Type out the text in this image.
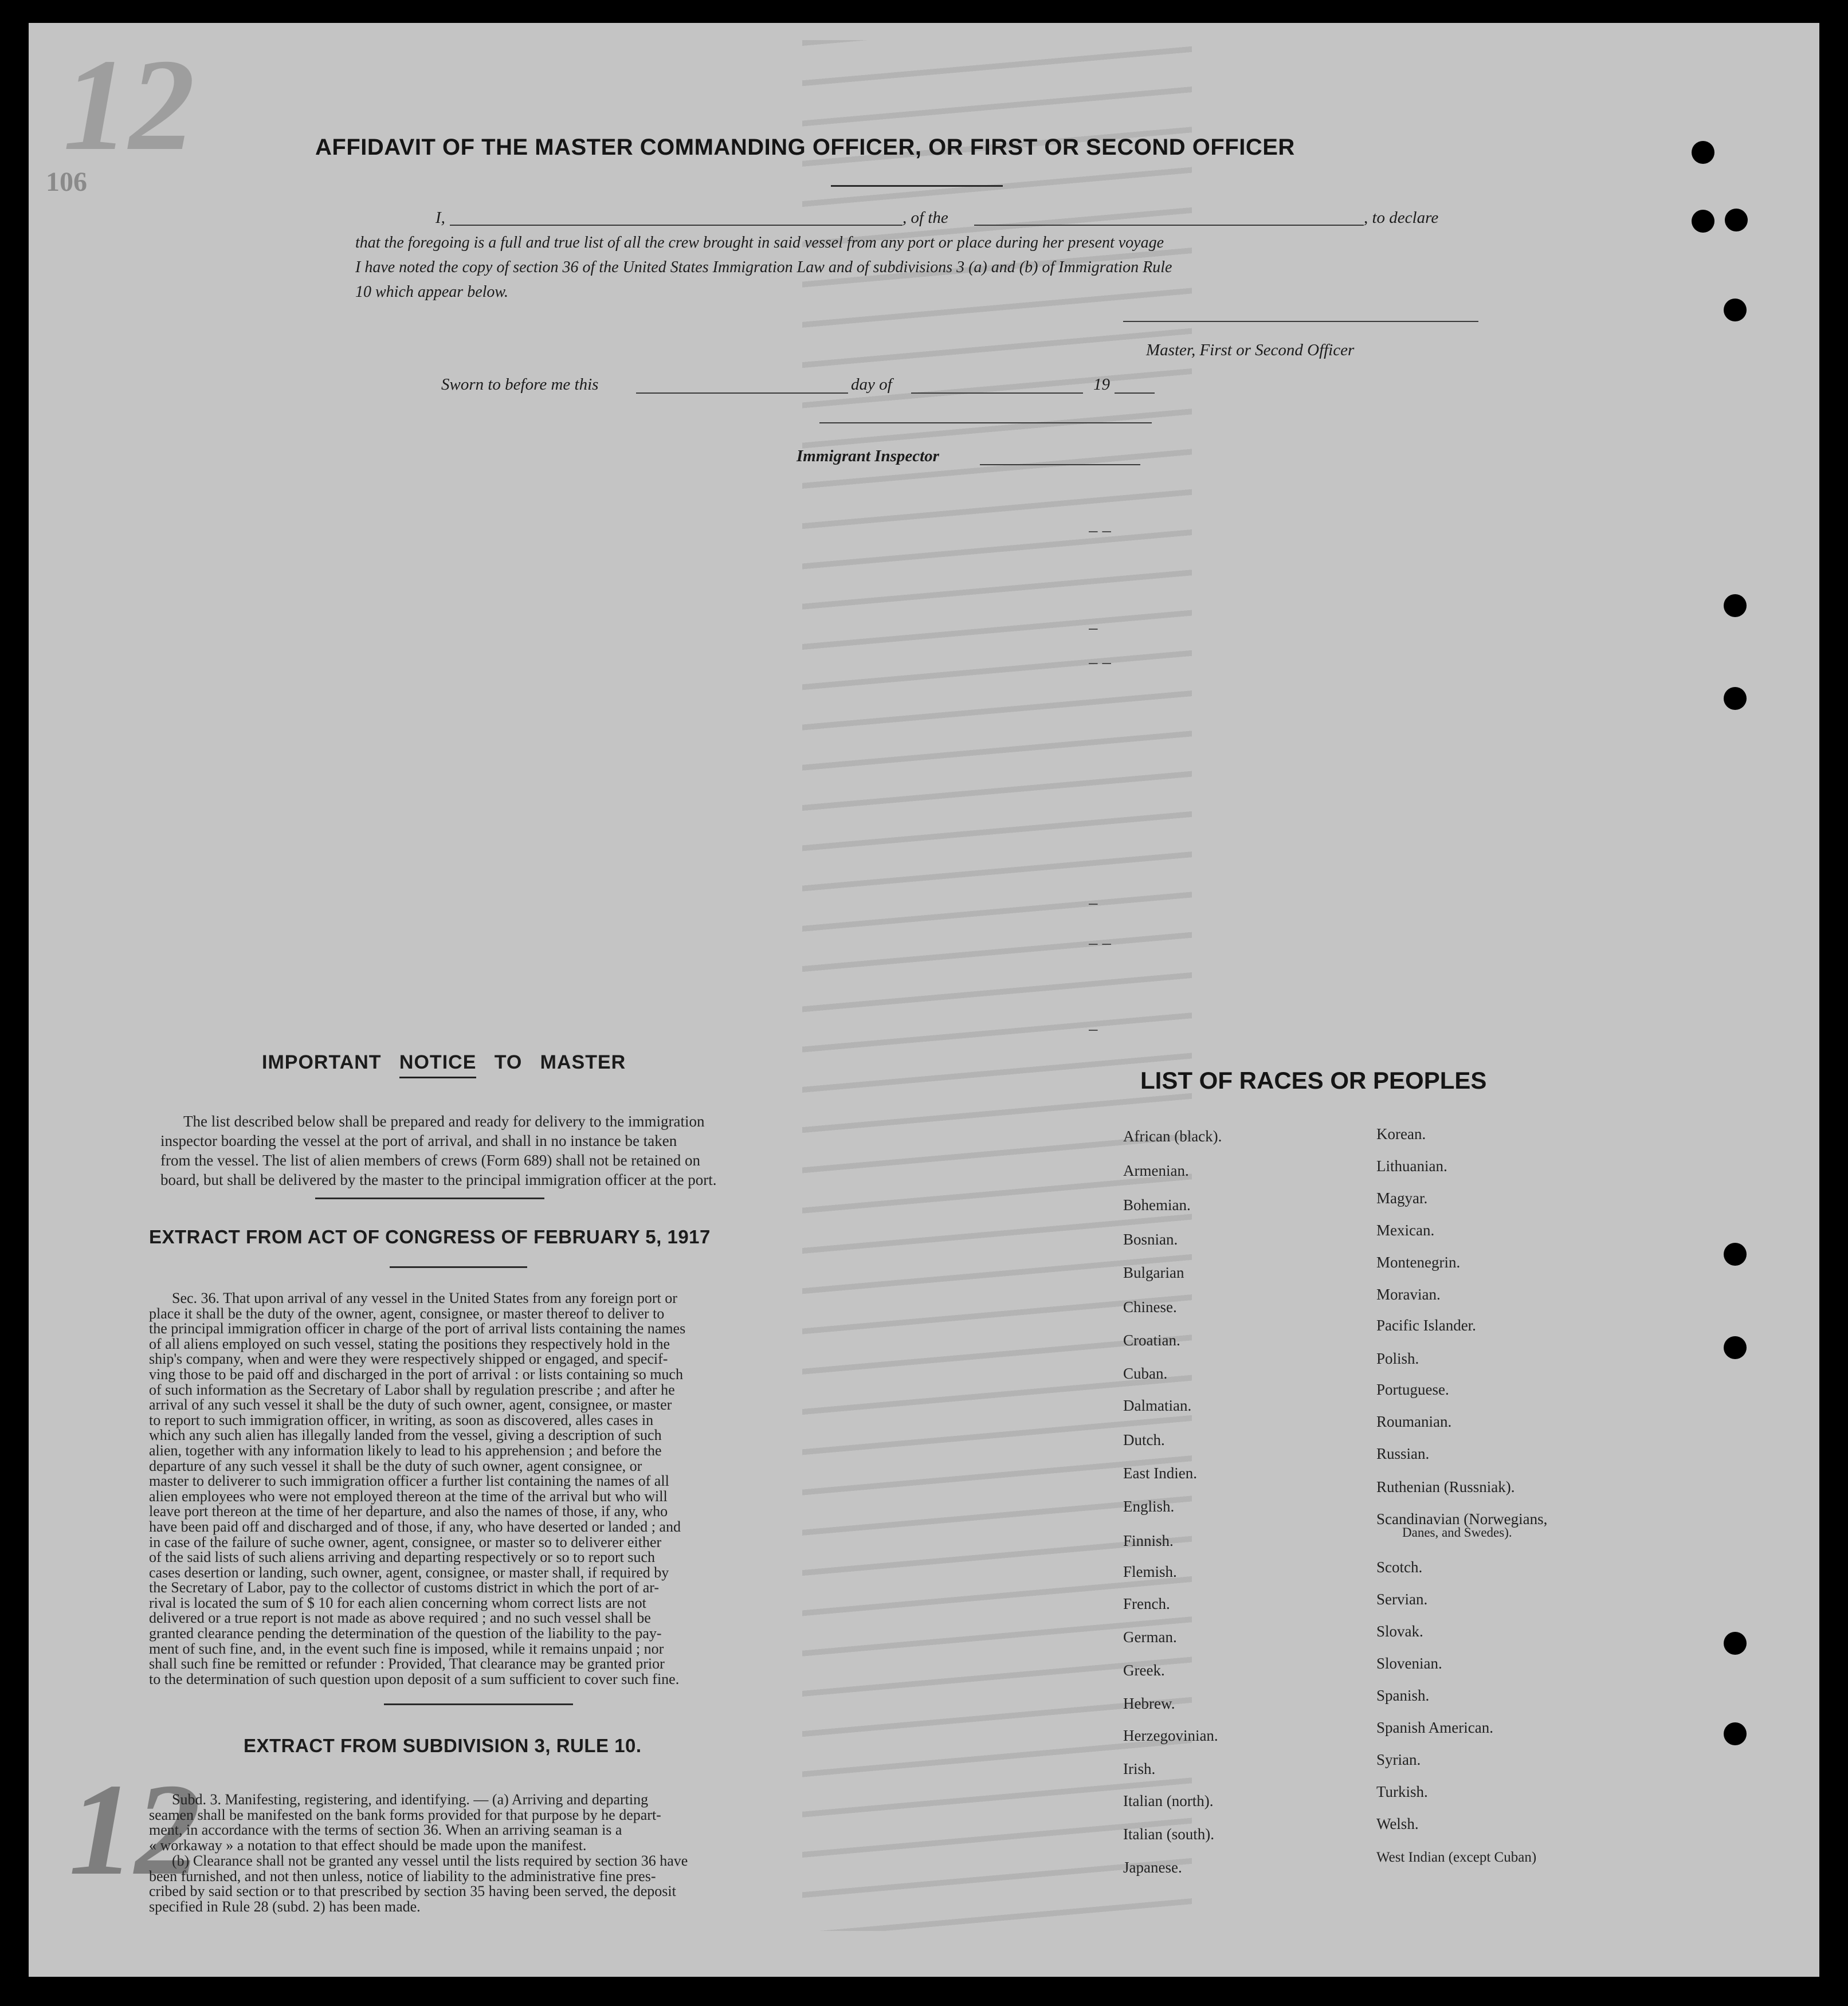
12
106
12
AFFIDAVIT OF THE MASTER COMMANDING OFFICER, OR FIRST OR SECOND OFFICER
I,	, of the	, to declare
that the foregoing is a full and true list of all the crew brought in said vessel from any port or place during her present voyage
I have noted the copy of section 36 of the United States Immigration Law and of subdivisions 3 (a) and (b) of Immigration Rule
10 which appear below.
Master, First or Second Officer
Sworn to before me this	day of	19
Immigrant Inspector
– –
–
– –
–
– –
–
IMPORTANT NOTICE TO MASTER
The list described below shall be prepared and ready for delivery to the immigration
inspector boarding the vessel at the port of arrival, and shall in no instance be taken
from the vessel. The list of alien members of crews (Form 689) shall not be retained on
board, but shall be delivered by the master to the principal immigration officer at the port.
EXTRACT FROM ACT OF CONGRESS OF FEBRUARY 5, 1917
Sec. 36. That upon arrival of any vessel in the United States from any foreign port or
place it shall be the duty of the owner, agent, consignee, or master thereof to deliver to
the principal immigration officer in charge of the port of arrival lists containing the names
of all aliens employed on such vessel, stating the positions they respectively hold in the
ship's company, when and were they were respectively shipped or engaged, and specif-
ving those to be paid off and discharged in the port of arrival : or lists containing so much
of such information as the Secretary of Labor shall by regulation prescribe ; and after he
arrival of any such vessel it shall be the duty of such owner, agent, consignee, or master
to report to such immigration officer, in writing, as soon as discovered, alles cases in
which any such alien has illegally landed from the vessel, giving a description of such
alien, together with any information likely to lead to his apprehension ; and before the
departure of any such vessel it shall be the duty of such owner, agent consignee, or
master to deliverer to such immigration officer a further list containing the names of all
alien employees who were not employed thereon at the time of the arrival but who will
leave port thereon at the time of her departure, and also the names of those, if any, who
have been paid off and discharged and of those, if any, who have deserted or landed ; and
in case of the failure of suche owner, agent, consignee, or master so to deliverer either
of the said lists of such aliens arriving and departing respectively or so to report such
cases desertion or landing, such owner, agent, consignee, or master shall, if required by
the Secretary of Labor, pay to the collector of customs district in which the port of ar-
rival is located the sum of $ 10 for each alien concerning whom correct lists are not
delivered or a true report is not made as above required ; and no such vessel shall be
granted clearance pending the determination of the question of the liability to the pay-
ment of such fine, and, in the event such fine is imposed, while it remains unpaid ; nor
shall such fine be remitted or refunder : Provided, That clearance may be granted prior
to the determination of such question upon deposit of a sum sufficient to cover such fine.
EXTRACT FROM SUBDIVISION 3, RULE 10.
Subd. 3. Manifesting, registering, and identifying. — (a) Arriving and departing
seamen shall be manifested on the bank forms provided for that purpose by he depart-
ment, in accordance with the terms of section 36. When an arriving seaman is a
« workaway » a notation to that effect should be made upon the manifest.
(b) Clearance shall not be granted any vessel until the lists required by section 36 have
been furnished, and not then unless, notice of liability to the administrative fine pres-
cribed by said section or to that prescribed by section 35 having been served, the deposit
specified in Rule 28 (subd. 2) has been made.
LIST OF RACES OR PEOPLES
African (black).
Armenian.
Bohemian.
Bosnian.
Bulgarian
Chinese.
Croatian.
Cuban.
Dalmatian.
Dutch.
East Indien.
English.
Finnish.
Flemish.
French.
German.
Greek.
Hebrew.
Herzegovinian.
Irish.
Italian (north).
Italian (south).
Japanese.
Korean.
Lithuanian.
Magyar.
Mexican.
Montenegrin.
Moravian.
Pacific Islander.
Polish.
Portuguese.
Roumanian.
Russian.
Ruthenian (Russniak).
Scandinavian (Norwegians,
Danes, and Swedes).
Scotch.
Servian.
Slovak.
Slovenian.
Spanish.
Spanish American.
Syrian.
Turkish.
Welsh.
West Indian (except Cuban)
